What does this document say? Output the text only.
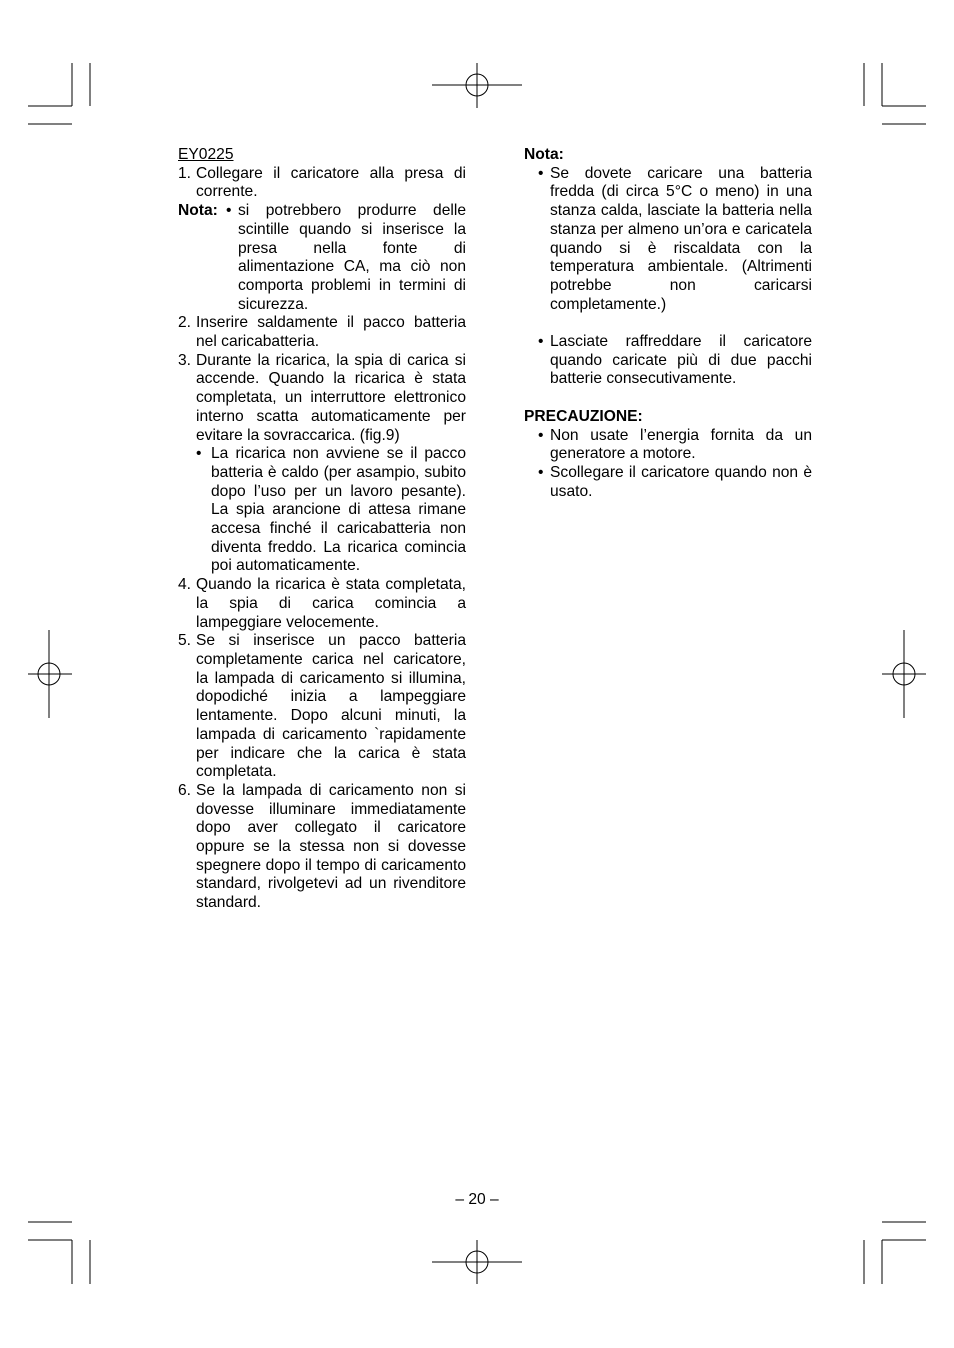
EY0225
1. Collegare il caricatore alla presa di corrente.
Nota: • si potrebbero produrre delle scintille quando si inserisce la presa nella fonte di alimentazione CA, ma ciò non comporta problemi in termini di sicurezza.
2. Inserire saldamente il pacco batteria nel caricabatteria.
3. Durante la ricarica, la spia di carica si accende. Quando la ricarica è stata completata, un interruttore elettronico interno scatta automaticamente per evitare la sovraccarica. (fig.9)
• La ricarica non avviene se il pacco batteria è caldo (per asampio, subito dopo l’uso per un lavoro pesante). La spia arancione di attesa rimane accesa finché il caricabatteria non diventa freddo. La ricarica comincia poi automaticamente.
4. Quando la ricarica è stata completata, la spia di carica comincia a lampeggiare velocemente.
5. Se si inserisce un pacco batteria completamente carica nel caricatore, la lampada di caricamento si illumina, dopodiché inizia a lampeggiare lentamente. Dopo alcuni minuti, la lampada di caricamento `rapidamente per indicare che la carica è stata completata.
6. Se la lampada di caricamento non si dovesse illuminare immediatamente dopo aver collegato il caricatore oppure se la stessa non si dovesse spegnere dopo il tempo di caricamento standard, rivolgetevi ad un rivenditore standard.
Nota:
• Se dovete caricare una batteria fredda (di circa 5°C o meno) in una stanza calda, lasciate la batteria nella stanza per almeno un’ora e caricatela quando si è riscaldata con la temperatura ambientale. (Altrimenti potrebbe non caricarsi completamente.)
• Lasciate raffreddare il caricatore quando caricate più di due pacchi batterie consecutivamente.
PRECAUZIONE:
• Non usate l’energia fornita da un generatore a motore.
• Scollegare il caricatore quando non è usato.
– 20 –
